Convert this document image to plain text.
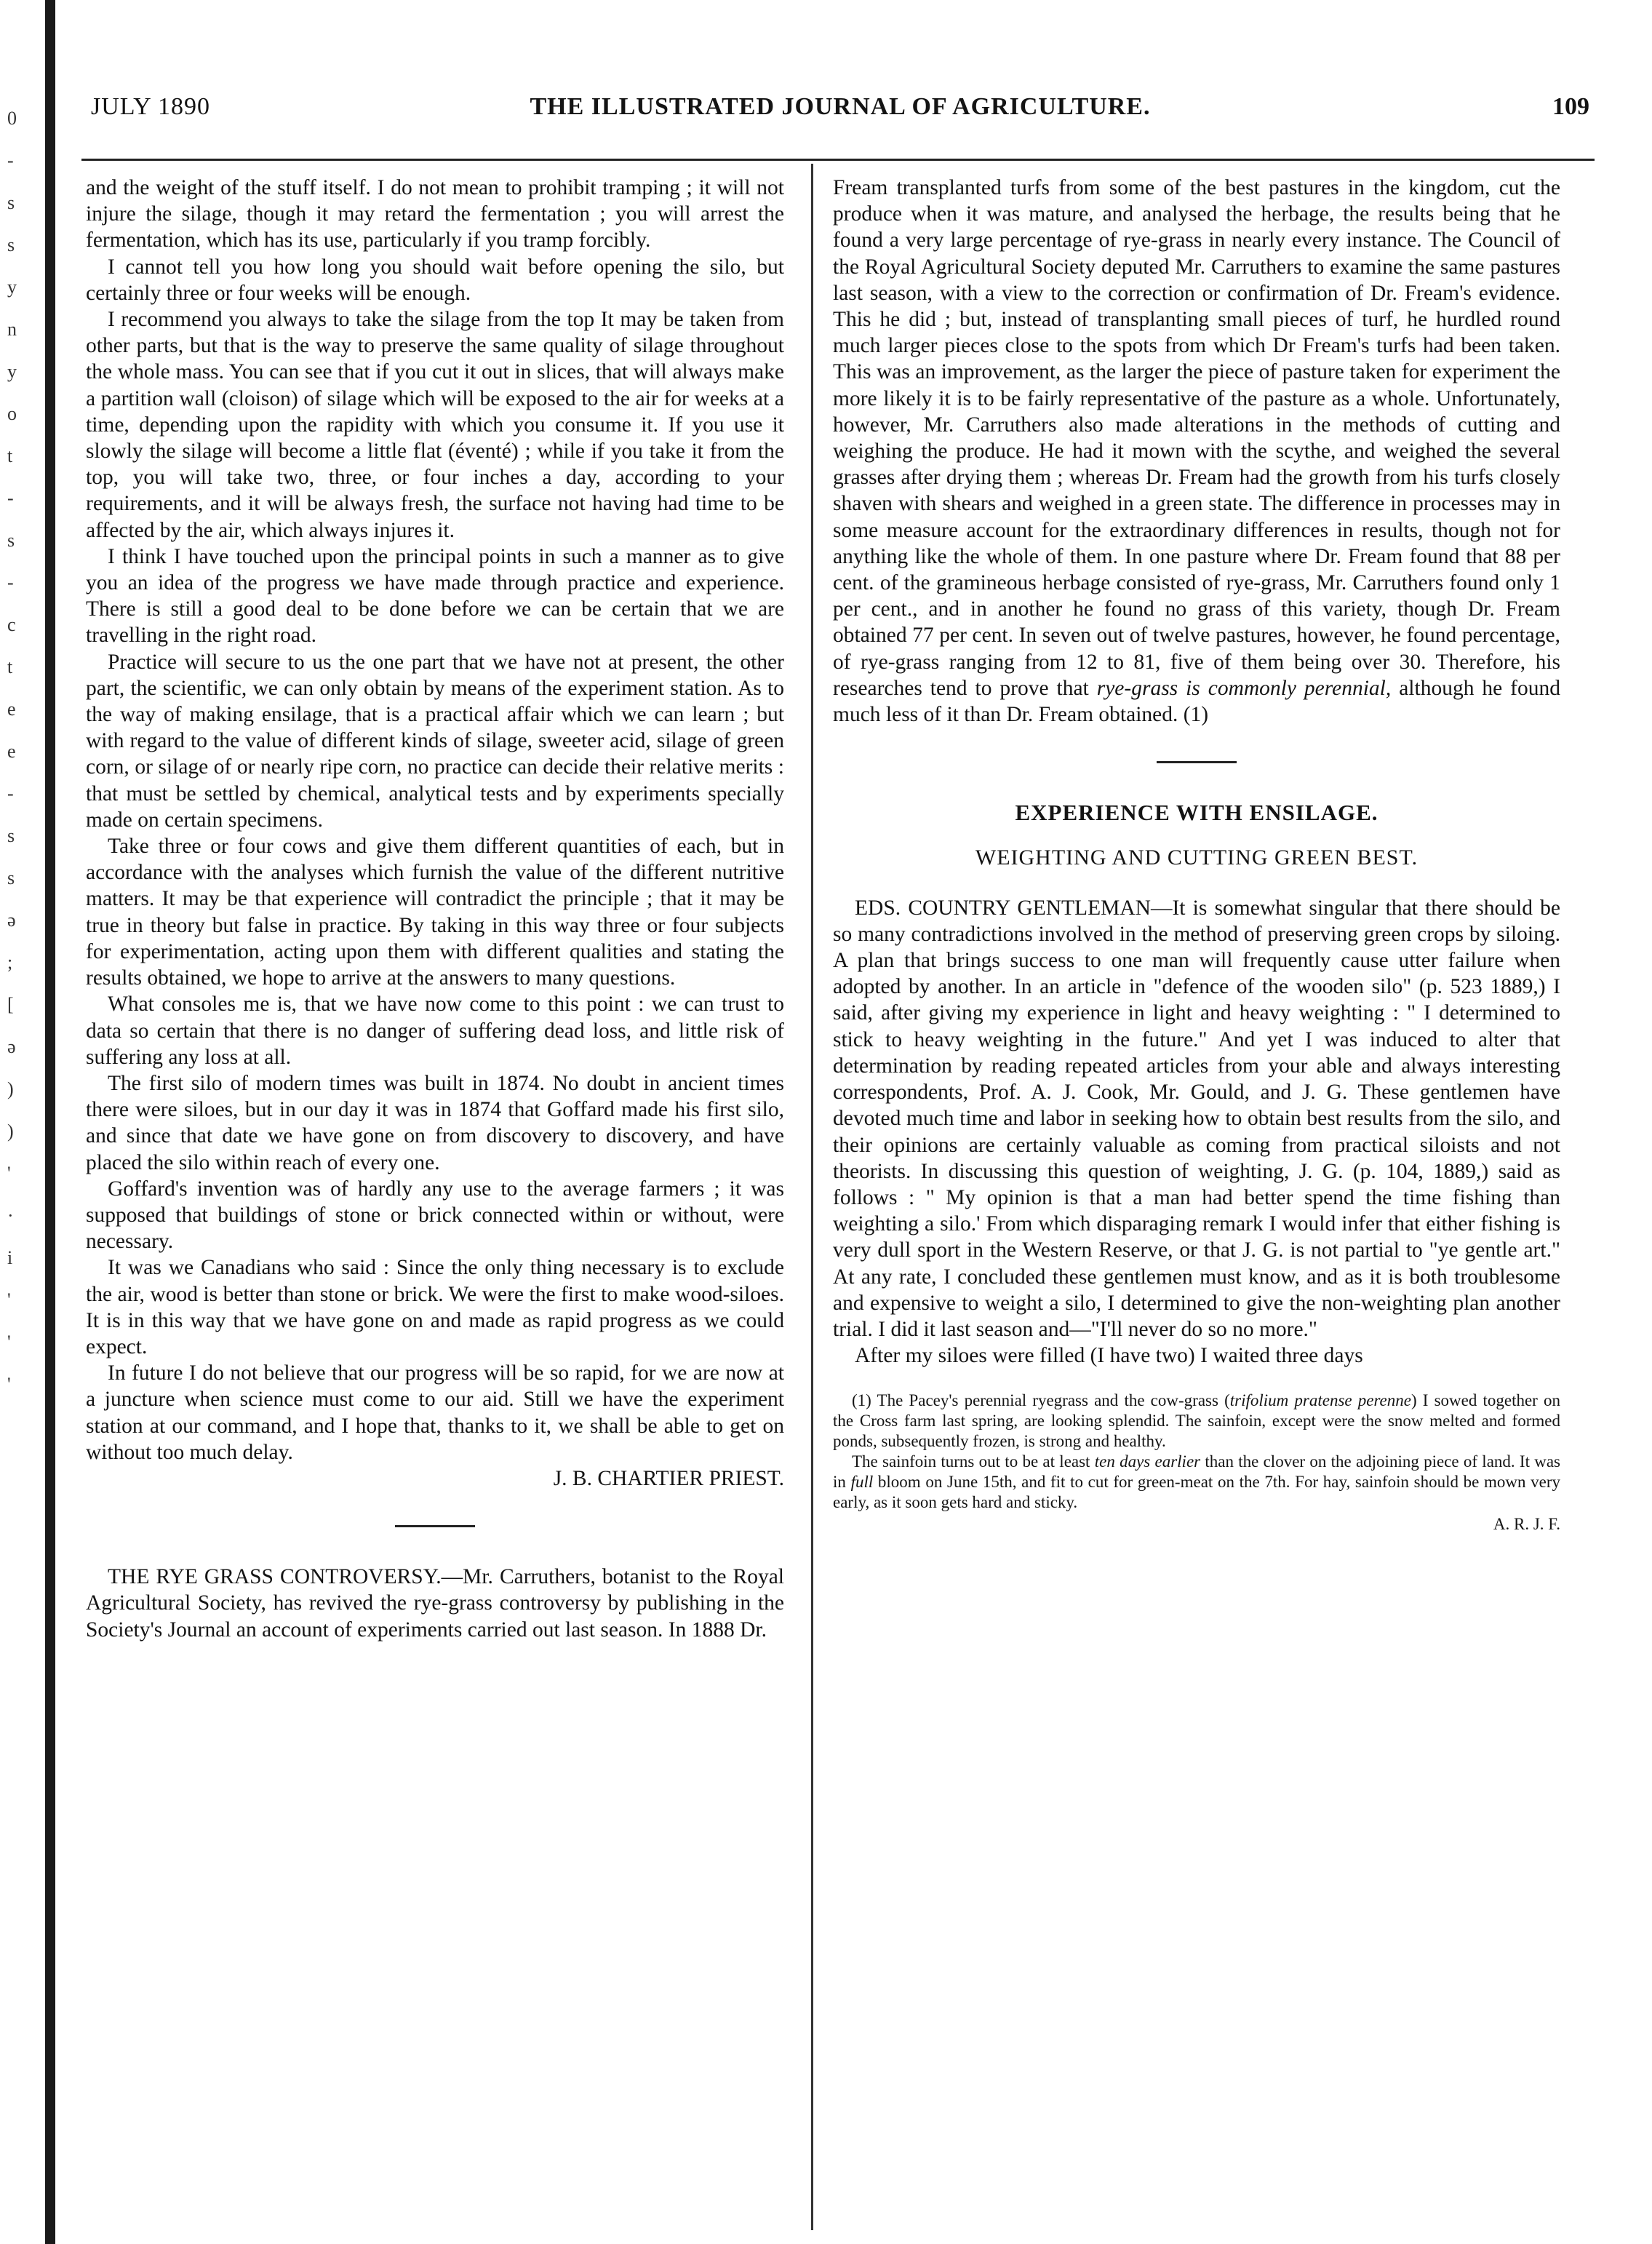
0
-
s
s
y
n
y
o
t
-
s
-
c
t
e
e
-
s
s
ǝ
;
[
ǝ
)
)
'
·
i
'
'
'
JULY 1890	THE ILLUSTRATED JOURNAL OF AGRICULTURE.	109

and the weight of the stuff itself. I do not mean to prohibit tramping ; it will not injure the silage, though it may retard the fermentation ; you will arrest the fermentation, which has its use, particularly if you tramp forcibly.

I cannot tell you how long you should wait before opening the silo, but certainly three or four weeks will be enough.

I recommend you always to take the silage from the top It may be taken from other parts, but that is the way to preserve the same quality of silage throughout the whole mass. You can see that if you cut it out in slices, that will always make a partition wall (cloison) of silage which will be exposed to the air for weeks at a time, depending upon the rapidity with which you consume it. If you use it slowly the silage will become a little flat (éventé) ; while if you take it from the top, you will take two, three, or four inches a day, according to your requirements, and it will be always fresh, the surface not having had time to be affected by the air, which always injures it.

I think I have touched upon the principal points in such a manner as to give you an idea of the progress we have made through practice and experience. There is still a good deal to be done before we can be certain that we are travelling in the right road.

Practice will secure to us the one part that we have not at present, the other part, the scientific, we can only obtain by means of the experiment station. As to the way of making ensilage, that is a practical affair which we can learn ; but with regard to the value of different kinds of silage, sweeter acid, silage of green corn, or silage of or nearly ripe corn, no practice can decide their relative merits : that must be settled by chemical, analytical tests and by experiments specially made on certain specimens.

Take three or four cows and give them different quantities of each, but in accordance with the analyses which furnish the value of the different nutritive matters. It may be that experience will contradict the principle ; that it may be true in theory but false in practice. By taking in this way three or four subjects for experimentation, acting upon them with different qualities and stating the results obtained, we hope to arrive at the answers to many questions.

What consoles me is, that we have now come to this point : we can trust to data so certain that there is no danger of suffering dead loss, and little risk of suffering any loss at all.

The first silo of modern times was built in 1874. No doubt in ancient times there were siloes, but in our day it was in 1874 that Goffard made his first silo, and since that date we have gone on from discovery to discovery, and have placed the silo within reach of every one.

Goffard's invention was of hardly any use to the average farmers ; it was supposed that buildings of stone or brick connected within or without, were necessary.

It was we Canadians who said : Since the only thing necessary is to exclude the air, wood is better than stone or brick. We were the first to make wood-siloes. It is in this way that we have gone on and made as rapid progress as we could expect.

In future I do not believe that our progress will be so rapid, for we are now at a juncture when science must come to our aid. Still we have the experiment station at our command, and I hope that, thanks to it, we shall be able to get on without too much delay.

J. B. CHARTIER PRIEST.

THE RYE GRASS CONTROVERSY.—Mr. Carruthers, botanist to the Royal Agricultural Society, has revived the rye-grass controversy by publishing in the Society's Journal an account of experiments carried out last season. In 1888 Dr.

Fream transplanted turfs from some of the best pastures in the kingdom, cut the produce when it was mature, and analysed the herbage, the results being that he found a very large percentage of rye-grass in nearly every instance. The Council of the Royal Agricultural Society deputed Mr. Carruthers to examine the same pastures last season, with a view to the correction or confirmation of Dr. Fream's evidence. This he did ; but, instead of transplanting small pieces of turf, he hurdled round much larger pieces close to the spots from which Dr Fream's turfs had been taken. This was an improvement, as the larger the piece of pasture taken for experiment the more likely it is to be fairly representative of the pasture as a whole. Unfortunately, however, Mr. Carruthers also made alterations in the methods of cutting and weighing the produce. He had it mown with the scythe, and weighed the several grasses after drying them ; whereas Dr. Fream had the growth from his turfs closely shaven with shears and weighed in a green state. The difference in processes may in some measure account for the extraordinary differences in results, though not for anything like the whole of them. In one pasture where Dr. Fream found that 88 per cent. of the gramineous herbage consisted of rye-grass, Mr. Carruthers found only 1 per cent., and in another he found no grass of this variety, though Dr. Fream obtained 77 per cent. In seven out of twelve pastures, however, he found percentage, of rye-grass ranging from 12 to 81, five of them being over 30. Therefore, his researches tend to prove that rye-grass is commonly perennial, although he found much less of it than Dr. Fream obtained. (1)

EXPERIENCE WITH ENSILAGE.
WEIGHTING AND CUTTING GREEN BEST.

EDS. COUNTRY GENTLEMAN—It is somewhat singular that there should be so many contradictions involved in the method of preserving green crops by siloing. A plan that brings success to one man will frequently cause utter failure when adopted by another. In an article in "defence of the wooden silo" (p. 523 1889,) I said, after giving my experience in light and heavy weighting : " I determined to stick to heavy weighting in the future." And yet I was induced to alter that determination by reading repeated articles from your able and always interesting correspondents, Prof. A. J. Cook, Mr. Gould, and J. G. These gentlemen have devoted much time and labor in seeking how to obtain best results from the silo, and their opinions are certainly valuable as coming from practical siloists and not theorists. In discussing this question of weighting, J. G. (p. 104, 1889,) said as follows : " My opinion is that a man had better spend the time fishing than weighting a silo.' From which disparaging remark I would infer that either fishing is very dull sport in the Western Reserve, or that J. G. is not partial to "ye gentle art." At any rate, I concluded these gentlemen must know, and as it is both troublesome and expensive to weight a silo, I determined to give the non-weighting plan another trial. I did it last season and—"I'll never do so no more."

After my siloes were filled (I have two) I waited three days

(1) The Pacey's perennial ryegrass and the cow-grass (trifolium pratense perenne) I sowed together on the Cross farm last spring, are looking splendid. The sainfoin, except were the snow melted and formed ponds, subsequently frozen, is strong and healthy.

The sainfoin turns out to be at least ten days earlier than the clover on the adjoining piece of land. It was in full bloom on June 15th, and fit to cut for green-meat on the 7th. For hay, sainfoin should be mown very early, as it soon gets hard and sticky.

A. R. J. F.
